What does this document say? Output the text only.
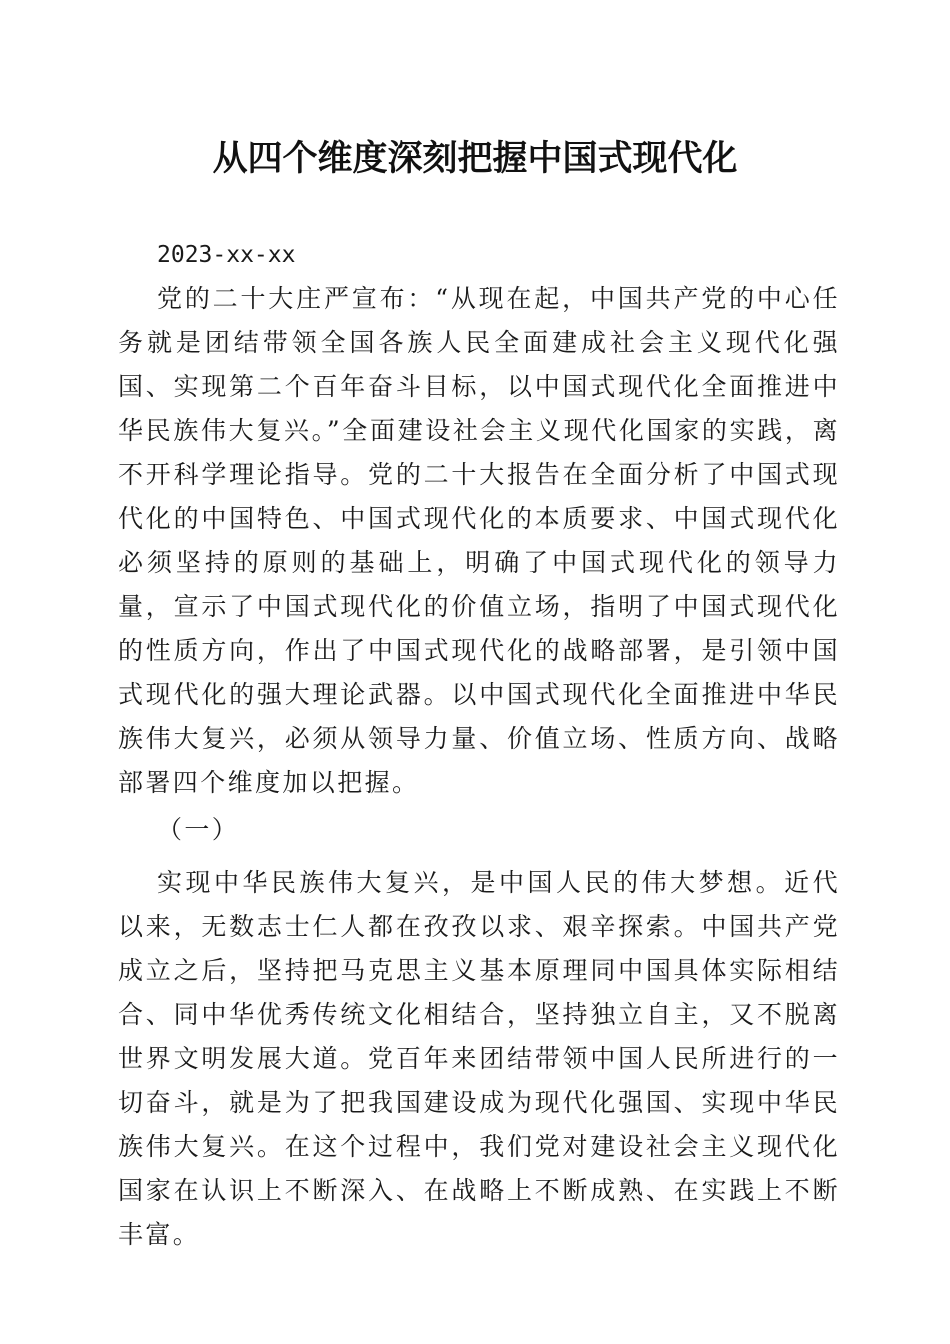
从四个维度深刻把握中国式现代化

2023-xx-xx

党的二十大庄严宣布：“从现在起，中国共产党的中心任务就是团结带领全国各族人民全面建成社会主义现代化强国、实现第二个百年奋斗目标，以中国式现代化全面推进中华民族伟大复兴。”全面建设社会主义现代化国家的实践，离不开科学理论指导。党的二十大报告在全面分析了中国式现代化的中国特色、中国式现代化的本质要求、中国式现代化必须坚持的原则的基础上，明确了中国式现代化的领导力量，宣示了中国式现代化的价值立场，指明了中国式现代化的性质方向，作出了中国式现代化的战略部署，是引领中国式现代化的强大理论武器。以中国式现代化全面推进中华民族伟大复兴，必须从领导力量、价值立场、性质方向、战略部署四个维度加以把握。

（一）

实现中华民族伟大复兴，是中国人民的伟大梦想。近代以来，无数志士仁人都在孜孜以求、艰辛探索。中国共产党成立之后，坚持把马克思主义基本原理同中国具体实际相结合、同中华优秀传统文化相结合，坚持独立自主，又不脱离世界文明发展大道。党百年来团结带领中国人民所进行的一切奋斗，就是为了把我国建设成为现代化强国、实现中华民族伟大复兴。在这个过程中，我们党对建设社会主义现代化国家在认识上不断深入、在战略上不断成熟、在实践上不断丰富。
